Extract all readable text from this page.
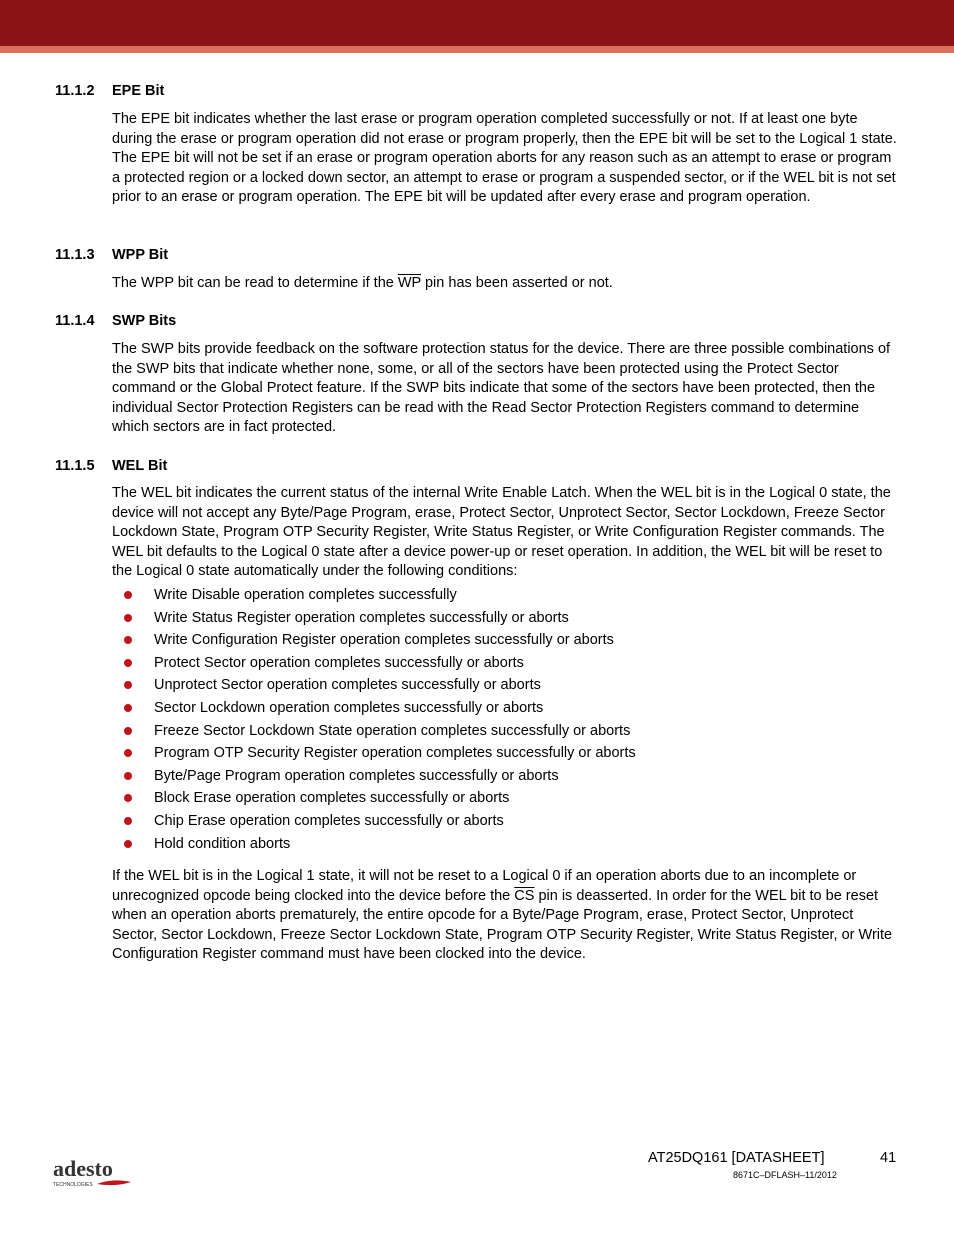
11.1.2 EPE Bit

The EPE bit indicates whether the last erase or program operation completed successfully or not. If at least one byte during the erase or program operation did not erase or program properly, then the EPE bit will be set to the Logical 1 state. The EPE bit will not be set if an erase or program operation aborts for any reason such as an attempt to erase or program a protected region or a locked down sector, an attempt to erase or program a suspended sector, or if the WEL bit is not set prior to an erase or program operation. The EPE bit will be updated after every erase and program operation.

11.1.3 WPP Bit

The WPP bit can be read to determine if the $\overline{WP}$ pin has been asserted or not.

11.1.4 SWP Bits

The SWP bits provide feedback on the software protection status for the device. There are three possible combinations of the SWP bits that indicate whether none, some, or all of the sectors have been protected using the Protect Sector command or the Global Protect feature. If the SWP bits indicate that some of the sectors have been protected, then the individual Sector Protection Registers can be read with the Read Sector Protection Registers command to determine which sectors are in fact protected.

11.1.5 WEL Bit

The WEL bit indicates the current status of the internal Write Enable Latch. When the WEL bit is in the Logical 0 state, the device will not accept any Byte/Page Program, erase, Protect Sector, Unprotect Sector, Sector Lockdown, Freeze Sector Lockdown State, Program OTP Security Register, Write Status Register, or Write Configuration Register commands. The WEL bit defaults to the Logical 0 state after a device power-up or reset operation. In addition, the WEL bit will be reset to the Logical 0 state automatically under the following conditions:

Write Disable operation completes successfully
Write Status Register operation completes successfully or aborts
Write Configuration Register operation completes successfully or aborts
Protect Sector operation completes successfully or aborts
Unprotect Sector operation completes successfully or aborts
Sector Lockdown operation completes successfully or aborts
Freeze Sector Lockdown State operation completes successfully or aborts
Program OTP Security Register operation completes successfully or aborts
Byte/Page Program operation completes successfully or aborts
Block Erase operation completes successfully or aborts
Chip Erase operation completes successfully or aborts
Hold condition aborts

If the WEL bit is in the Logical 1 state, it will not be reset to a Logical 0 if an operation aborts due to an incomplete or unrecognized opcode being clocked into the device before the $\overline{CS}$ pin is deasserted. In order for the WEL bit to be reset when an operation aborts prematurely, the entire opcode for a Byte/Page Program, erase, Protect Sector, Unprotect Sector, Sector Lockdown, Freeze Sector Lockdown State, Program OTP Security Register, Write Status Register, or Write Configuration Register command must have been clocked into the device.

adesto
TECHNOLOGIES
AT25DQ161 [DATASHEET]	41
8671C–DFLASH–11/2012
